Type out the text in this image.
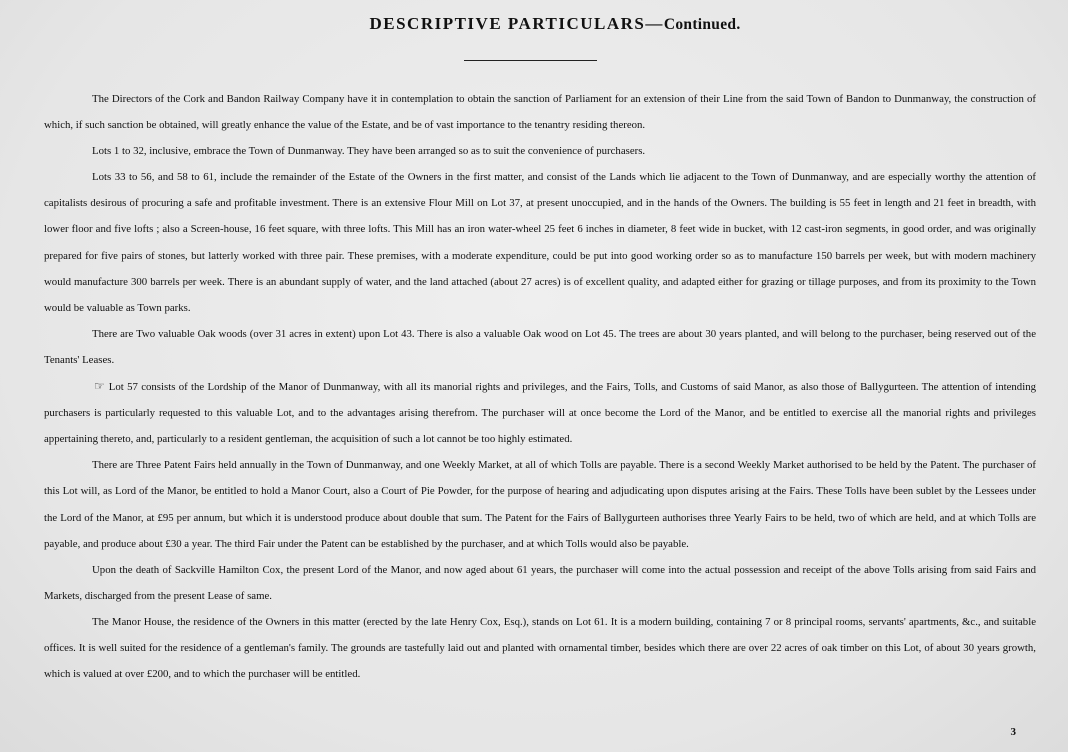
DESCRIPTIVE PARTICULARS—Continued.

The Directors of the Cork and Bandon Railway Company have it in contemplation to obtain the sanction of Parliament for an extension of their Line from the said Town of Bandon to Dunmanway, the construction of which, if such sanction be obtained, will greatly enhance the value of the Estate, and be of vast importance to the tenantry residing thereon.

Lots 1 to 32, inclusive, embrace the Town of Dunmanway. They have been arranged so as to suit the convenience of purchasers.

Lots 33 to 56, and 58 to 61, include the remainder of the Estate of the Owners in the first matter, and consist of the Lands which lie adjacent to the Town of Dunmanway, and are especially worthy the attention of capitalists desirous of procuring a safe and profitable investment. There is an extensive Flour Mill on Lot 37, at present unoccupied, and in the hands of the Owners. The building is 55 feet in length and 21 feet in breadth, with lower floor and five lofts ; also a Screen-house, 16 feet square, with three lofts. This Mill has an iron water-wheel 25 feet 6 inches in diameter, 8 feet wide in bucket, with 12 cast-iron segments, in good order, and was originally prepared for five pairs of stones, but latterly worked with three pair. These premises, with a moderate expenditure, could be put into good working order so as to manufacture 150 barrels per week, but with modern machinery would manufacture 300 barrels per week. There is an abundant supply of water, and the land attached (about 27 acres) is of excellent quality, and adapted either for grazing or tillage purposes, and from its proximity to the Town would be valuable as Town parks.

There are Two valuable Oak woods (over 31 acres in extent) upon Lot 43. There is also a valuable Oak wood on Lot 45. The trees are about 30 years planted, and will belong to the purchaser, being reserved out of the Tenants' Leases.

☞ Lot 57 consists of the Lordship of the Manor of Dunmanway, with all its manorial rights and privileges, and the Fairs, Tolls, and Customs of said Manor, as also those of Ballygurteen. The attention of intending purchasers is particularly requested to this valuable Lot, and to the advantages arising therefrom. The purchaser will at once become the Lord of the Manor, and be entitled to exercise all the manorial rights and privileges appertaining thereto, and, particularly to a resident gentleman, the acquisition of such a lot cannot be too highly estimated.

There are Three Patent Fairs held annually in the Town of Dunmanway, and one Weekly Market, at all of which Tolls are payable. There is a second Weekly Market authorised to be held by the Patent. The purchaser of this Lot will, as Lord of the Manor, be entitled to hold a Manor Court, also a Court of Pie Powder, for the purpose of hearing and adjudicating upon disputes arising at the Fairs. These Tolls have been sublet by the Lessees under the Lord of the Manor, at £95 per annum, but which it is understood produce about double that sum. The Patent for the Fairs of Ballygurteen authorises three Yearly Fairs to be held, two of which are held, and at which Tolls are payable, and produce about £30 a year. The third Fair under the Patent can be established by the purchaser, and at which Tolls would also be payable.

Upon the death of Sackville Hamilton Cox, the present Lord of the Manor, and now aged about 61 years, the purchaser will come into the actual possession and receipt of the above Tolls arising from said Fairs and Markets, discharged from the present Lease of same.

The Manor House, the residence of the Owners in this matter (erected by the late Henry Cox, Esq.), stands on Lot 61. It is a modern building, containing 7 or 8 principal rooms, servants' apartments, &c., and suitable offices. It is well suited for the residence of a gentleman's family. The grounds are tastefully laid out and planted with ornamental timber, besides which there are over 22 acres of oak timber on this Lot, of about 30 years growth, which is valued at over £200, and to which the purchaser will be entitled.

3
